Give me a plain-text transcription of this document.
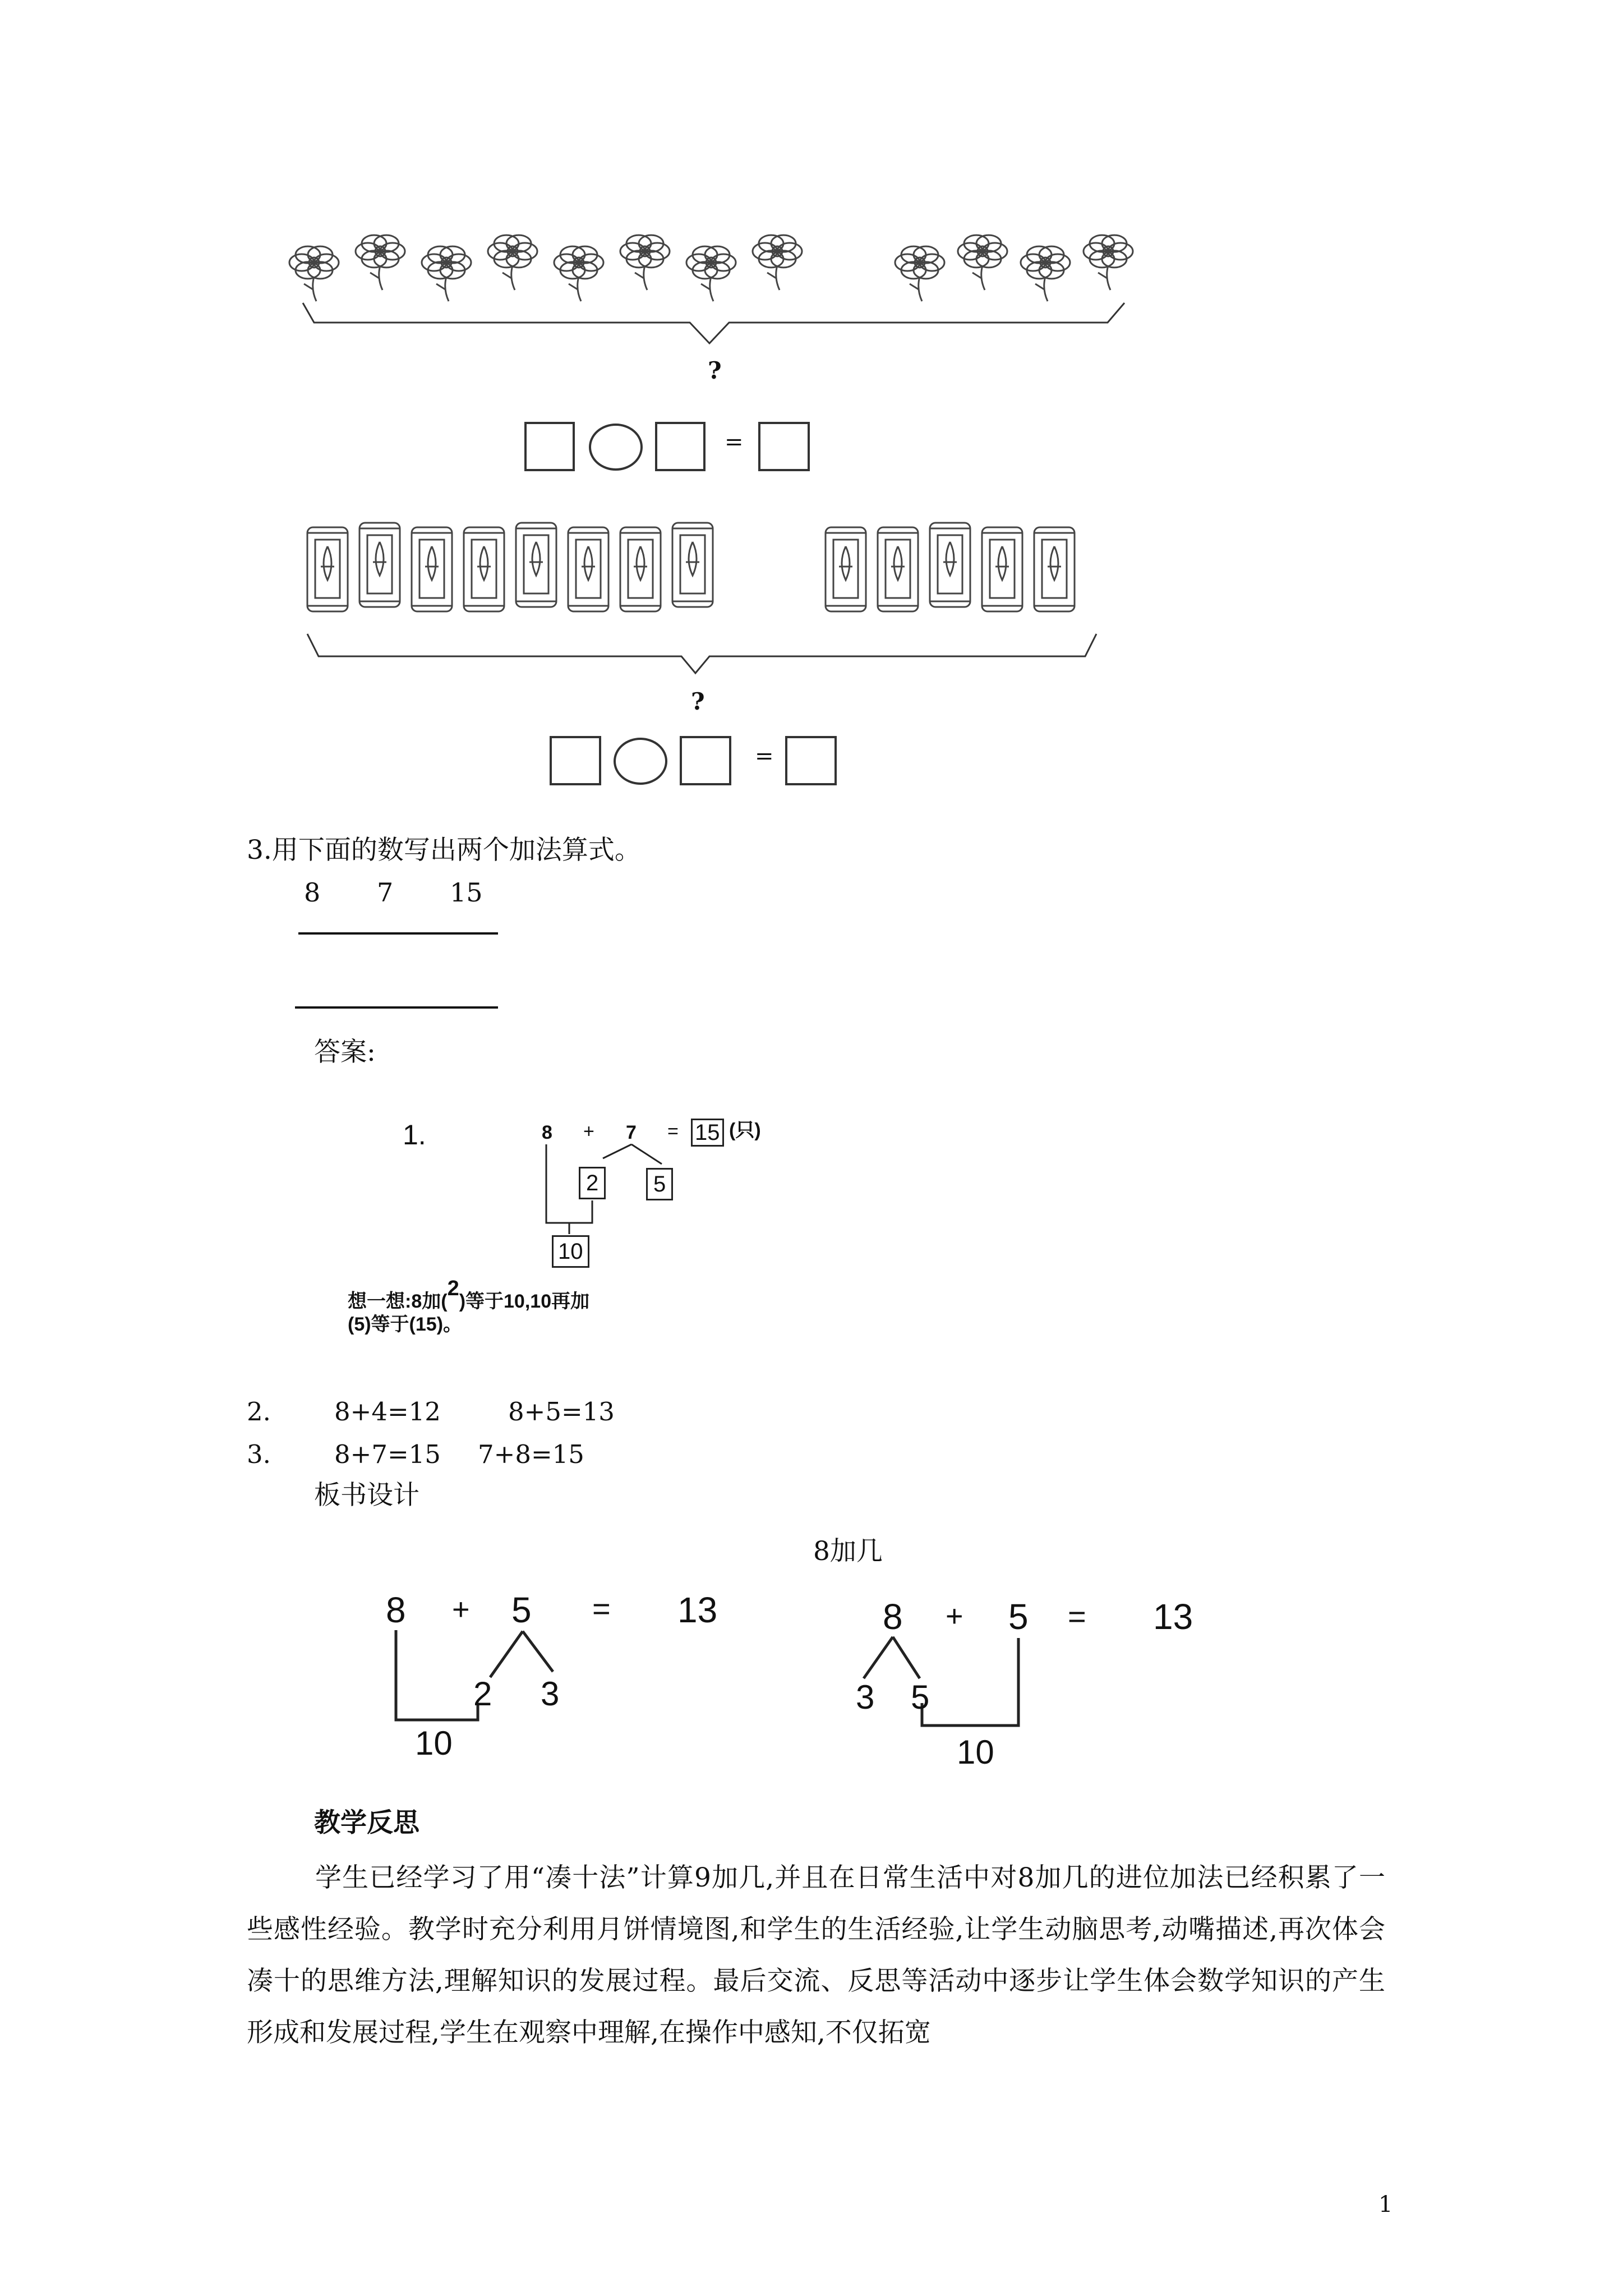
?
=
?
=
3.用下面的数写出两个加法算式。
8 7 15
答案:
1.	8 + 7 = 15 (只)
2	5
10
想一想:8加(2)等于10,10再加
(5)等于(15)。
2.	8+4=12	8+5=13
3.	8+7=15 7+8=15
板书设计
8加几
8 + 5 = 13
2 3
10
8 + 5 = 13
3 5
10
教学反思
学生已经学习了用“凑十法”计算9加几,并且在日常生活中对8加几的进位加法已经积累了一些感性经验。教学时充分利用月饼情境图,和学生的生活经验,让学生动脑思考,动嘴描述,再次体会凑十的思维方法,理解知识的发展过程。最后交流、反思等活动中逐步让学生体会数学知识的产生形成和发展过程,学生在观察中理解,在操作中感知,不仅拓宽
1
